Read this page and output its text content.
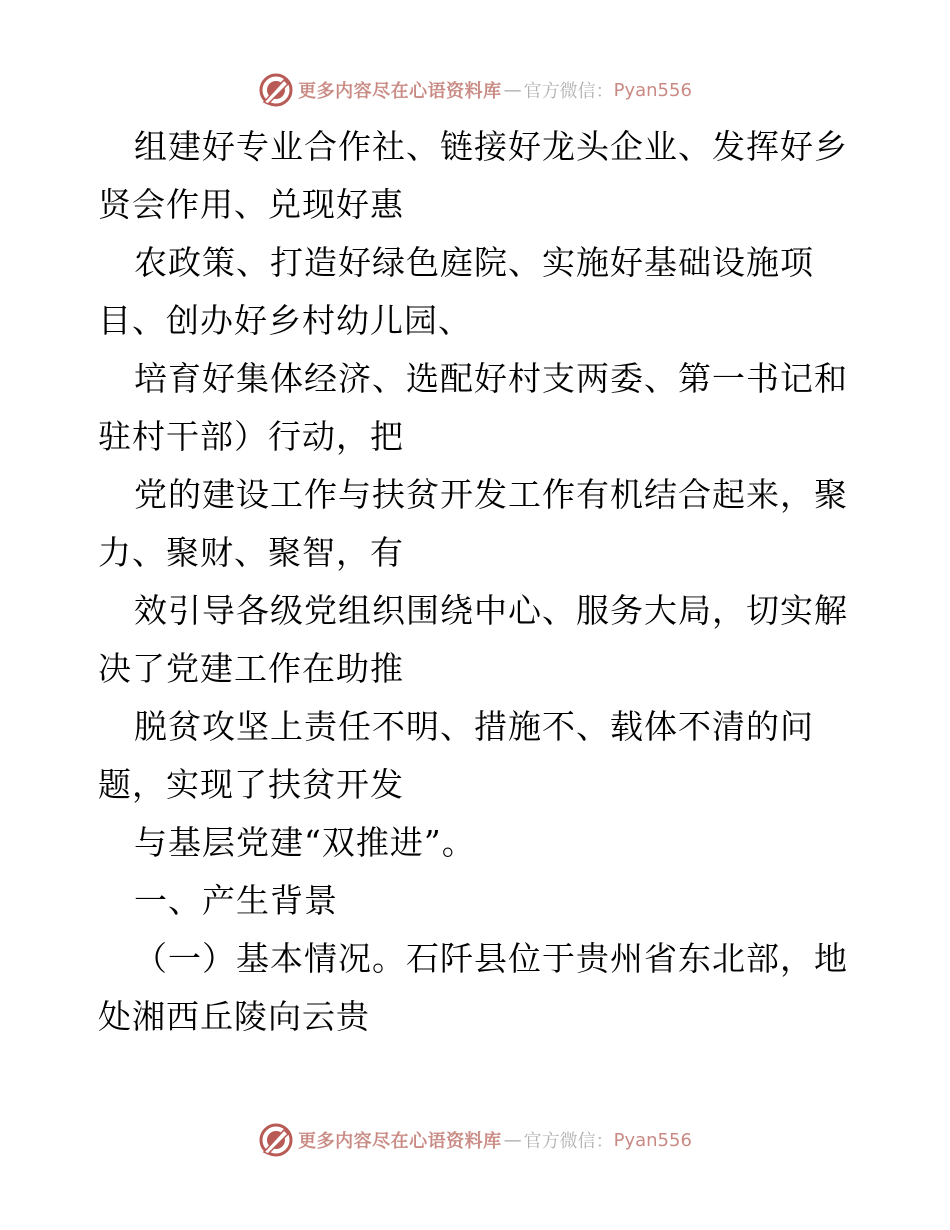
更多内容尽在心语资料库 — 官方微信： Pyan556
组建好专业合作社、链接好龙头企业、发挥好乡
贤会作用、兑现好惠
农政策、打造好绿色庭院、实施好基础设施项
目、创办好乡村幼儿园、
培育好集体经济、选配好村支两委、第一书记和
驻村干部）行动，把
党的建设工作与扶贫开发工作有机结合起来，聚
力、聚财、聚智，有
效引导各级党组织围绕中心、服务大局，切实解
决了党建工作在助推
脱贫攻坚上责任不明、措施不、载体不清的问
题，实现了扶贫开发
与基层党建“双推进”。
一、产生背景
（一）基本情况。石阡县位于贵州省东北部，地
处湘西丘陵向云贵
更多内容尽在心语资料库 — 官方微信： Pyan556
